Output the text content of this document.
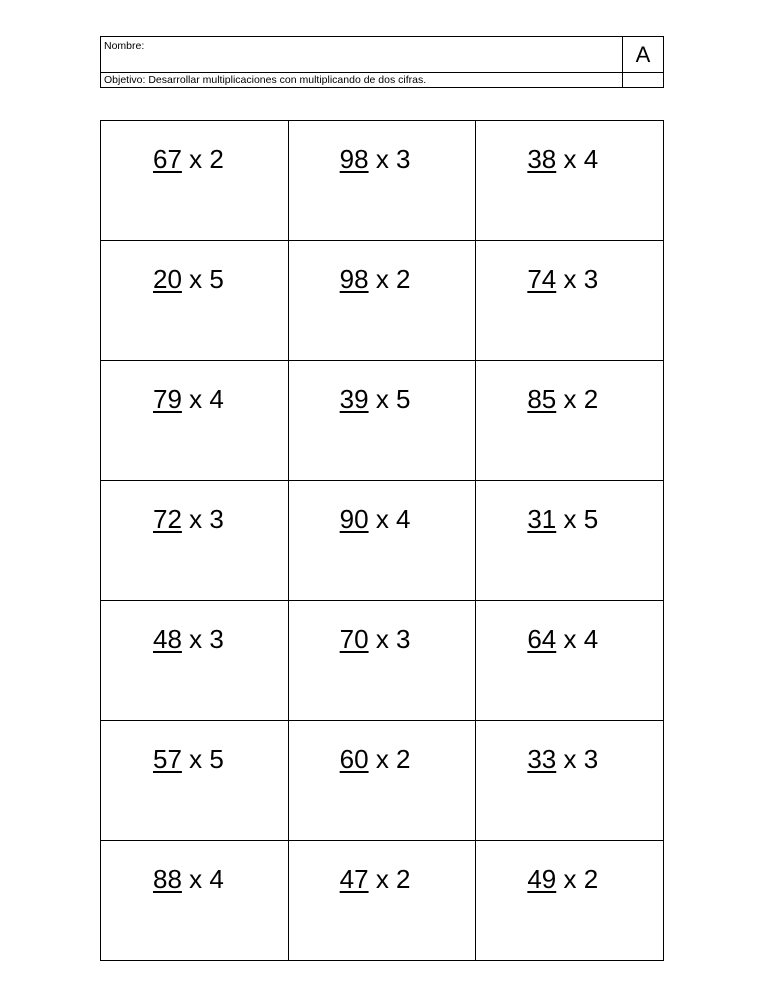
Nombre:	A
Objetivo: Desarrollar multiplicaciones con multiplicando de dos cifras.	
67 x 2	98 x 3	38 x 4

20 x 5	98 x 2	74 x 3

79 x 4	39 x 5	85 x 2

72 x 3	90 x 4	31 x 5

48 x 3	70 x 3	64 x 4

57 x 5	60 x 2	33 x 3

88 x 4	47 x 2	49 x 2
